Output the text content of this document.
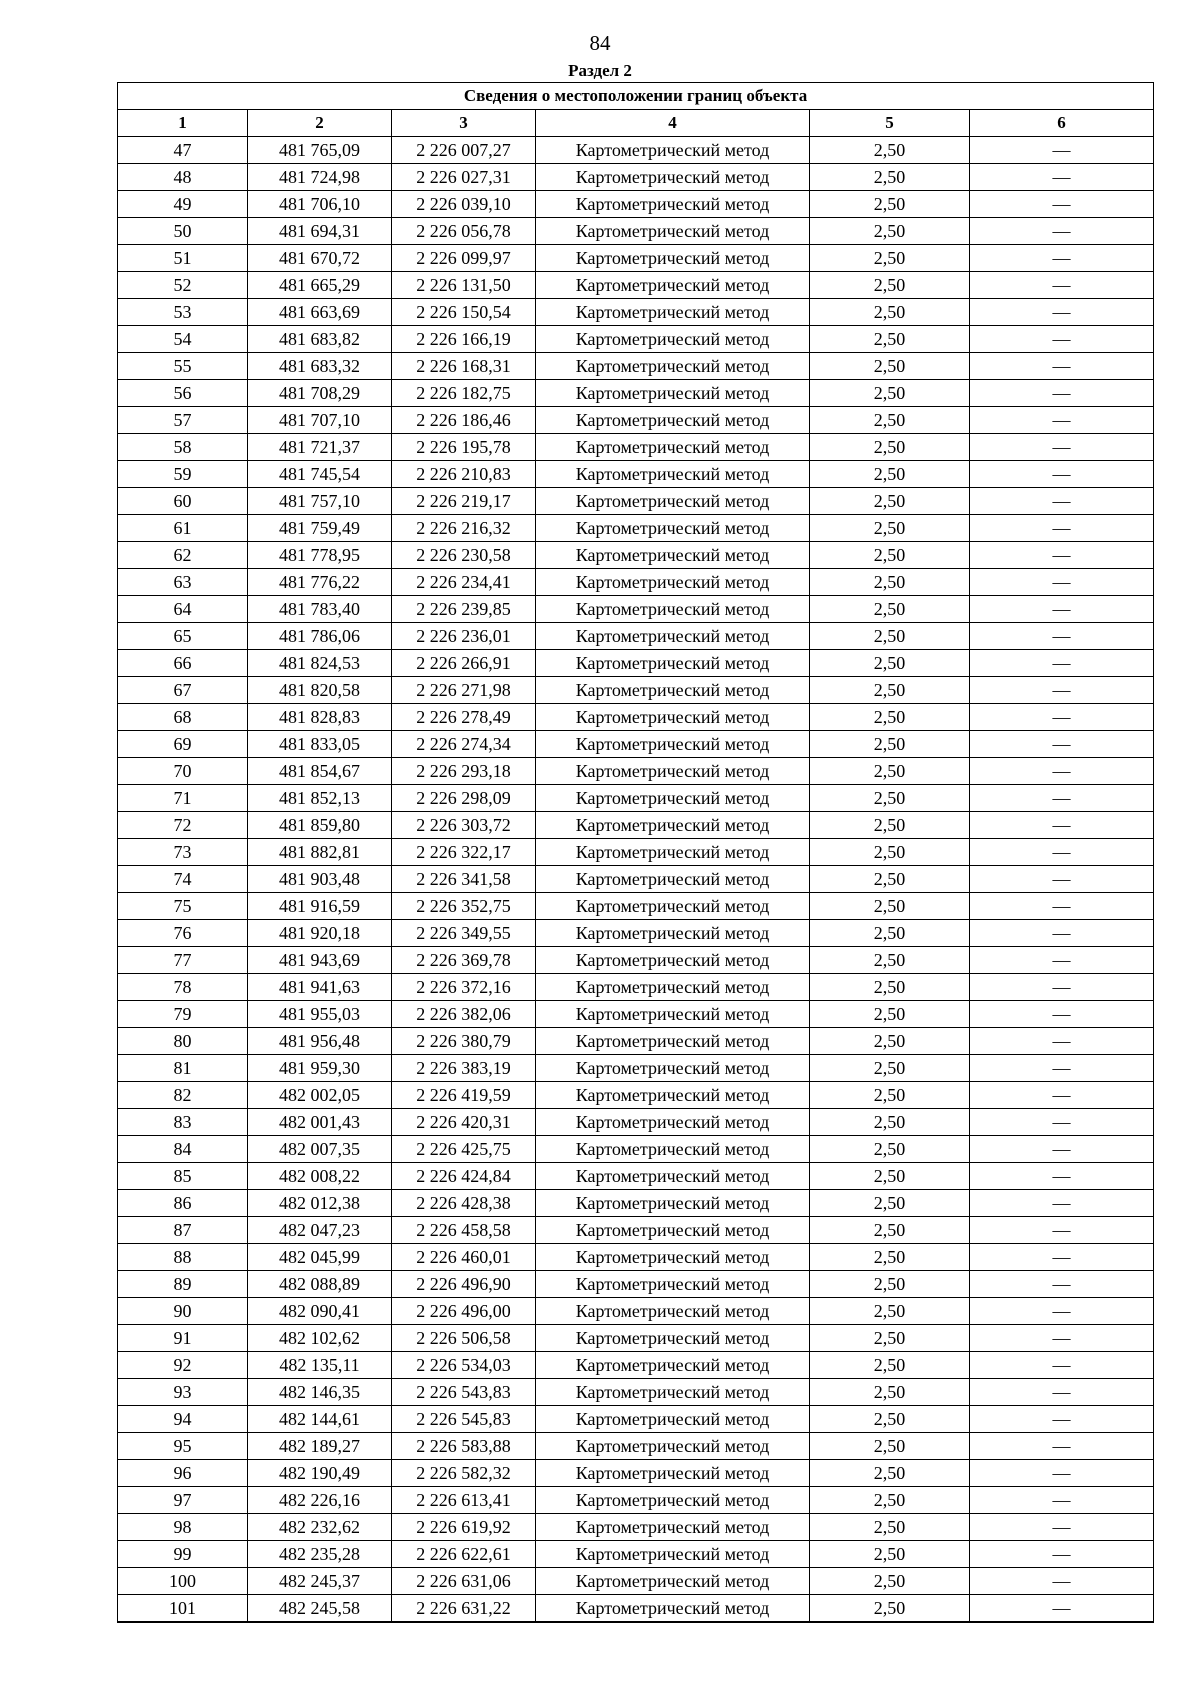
84
Раздел 2
Сведения о местоположении границ объекта					
1	2	3	4	5	6
47	481 765,09	2 226 007,27	Картометрический метод	2,50	—
48	481 724,98	2 226 027,31	Картометрический метод	2,50	—
49	481 706,10	2 226 039,10	Картометрический метод	2,50	—
50	481 694,31	2 226 056,78	Картометрический метод	2,50	—
51	481 670,72	2 226 099,97	Картометрический метод	2,50	—
52	481 665,29	2 226 131,50	Картометрический метод	2,50	—
53	481 663,69	2 226 150,54	Картометрический метод	2,50	—
54	481 683,82	2 226 166,19	Картометрический метод	2,50	—
55	481 683,32	2 226 168,31	Картометрический метод	2,50	—
56	481 708,29	2 226 182,75	Картометрический метод	2,50	—
57	481 707,10	2 226 186,46	Картометрический метод	2,50	—
58	481 721,37	2 226 195,78	Картометрический метод	2,50	—
59	481 745,54	2 226 210,83	Картометрический метод	2,50	—
60	481 757,10	2 226 219,17	Картометрический метод	2,50	—
61	481 759,49	2 226 216,32	Картометрический метод	2,50	—
62	481 778,95	2 226 230,58	Картометрический метод	2,50	—
63	481 776,22	2 226 234,41	Картометрический метод	2,50	—
64	481 783,40	2 226 239,85	Картометрический метод	2,50	—
65	481 786,06	2 226 236,01	Картометрический метод	2,50	—
66	481 824,53	2 226 266,91	Картометрический метод	2,50	—
67	481 820,58	2 226 271,98	Картометрический метод	2,50	—
68	481 828,83	2 226 278,49	Картометрический метод	2,50	—
69	481 833,05	2 226 274,34	Картометрический метод	2,50	—
70	481 854,67	2 226 293,18	Картометрический метод	2,50	—
71	481 852,13	2 226 298,09	Картометрический метод	2,50	—
72	481 859,80	2 226 303,72	Картометрический метод	2,50	—
73	481 882,81	2 226 322,17	Картометрический метод	2,50	—
74	481 903,48	2 226 341,58	Картометрический метод	2,50	—
75	481 916,59	2 226 352,75	Картометрический метод	2,50	—
76	481 920,18	2 226 349,55	Картометрический метод	2,50	—
77	481 943,69	2 226 369,78	Картометрический метод	2,50	—
78	481 941,63	2 226 372,16	Картометрический метод	2,50	—
79	481 955,03	2 226 382,06	Картометрический метод	2,50	—
80	481 956,48	2 226 380,79	Картометрический метод	2,50	—
81	481 959,30	2 226 383,19	Картометрический метод	2,50	—
82	482 002,05	2 226 419,59	Картометрический метод	2,50	—
83	482 001,43	2 226 420,31	Картометрический метод	2,50	—
84	482 007,35	2 226 425,75	Картометрический метод	2,50	—
85	482 008,22	2 226 424,84	Картометрический метод	2,50	—
86	482 012,38	2 226 428,38	Картометрический метод	2,50	—
87	482 047,23	2 226 458,58	Картометрический метод	2,50	—
88	482 045,99	2 226 460,01	Картометрический метод	2,50	—
89	482 088,89	2 226 496,90	Картометрический метод	2,50	—
90	482 090,41	2 226 496,00	Картометрический метод	2,50	—
91	482 102,62	2 226 506,58	Картометрический метод	2,50	—
92	482 135,11	2 226 534,03	Картометрический метод	2,50	—
93	482 146,35	2 226 543,83	Картометрический метод	2,50	—
94	482 144,61	2 226 545,83	Картометрический метод	2,50	—
95	482 189,27	2 226 583,88	Картометрический метод	2,50	—
96	482 190,49	2 226 582,32	Картометрический метод	2,50	—
97	482 226,16	2 226 613,41	Картометрический метод	2,50	—
98	482 232,62	2 226 619,92	Картометрический метод	2,50	—
99	482 235,28	2 226 622,61	Картометрический метод	2,50	—
100	482 245,37	2 226 631,06	Картометрический метод	2,50	—
101	482 245,58	2 226 631,22	Картометрический метод	2,50	—
